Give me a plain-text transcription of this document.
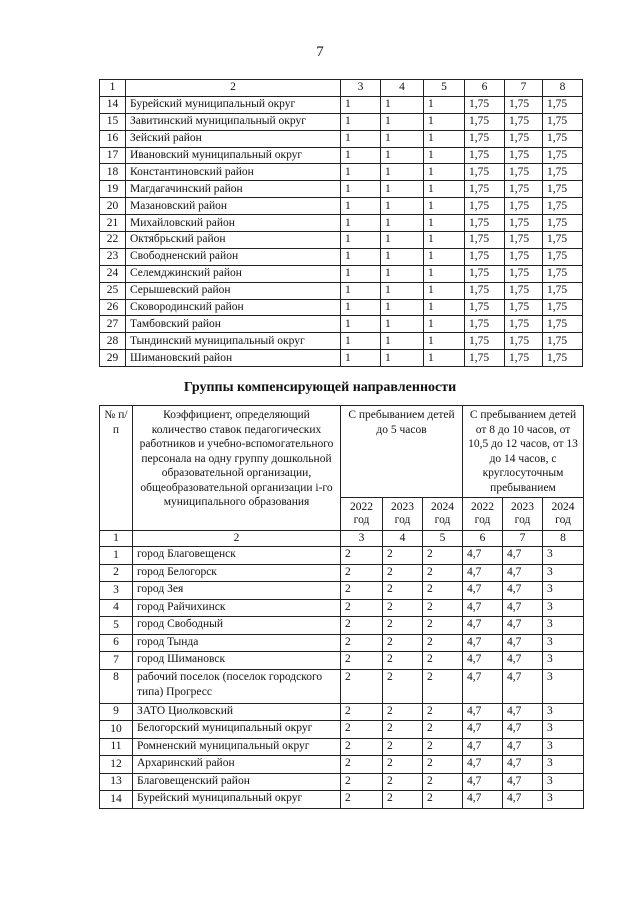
7
1	2	3	4	5	6	7	8
14	Бурейский муниципальный округ	1	1	1	1,75	1,75	1,75
15	Завитинский муниципальный округ	1	1	1	1,75	1,75	1,75
16	Зейский район	1	1	1	1,75	1,75	1,75
17	Ивановский муниципальный округ	1	1	1	1,75	1,75	1,75
18	Константиновский район	1	1	1	1,75	1,75	1,75
19	Магдагачинский район	1	1	1	1,75	1,75	1,75
20	Мазановский район	1	1	1	1,75	1,75	1,75
21	Михайловский район	1	1	1	1,75	1,75	1,75
22	Октябрьский район	1	1	1	1,75	1,75	1,75
23	Свободненский район	1	1	1	1,75	1,75	1,75
24	Селемджинский район	1	1	1	1,75	1,75	1,75
25	Серышевский район	1	1	1	1,75	1,75	1,75
26	Сковородинский район	1	1	1	1,75	1,75	1,75
27	Тамбовский район	1	1	1	1,75	1,75	1,75
28	Тындинский муниципальный округ	1	1	1	1,75	1,75	1,75
29	Шимановский район	1	1	1	1,75	1,75	1,75
Группы компенсирующей направленности
№ п/п	Коэффициент, определяющий количество ставок педагогических работников и учебно-вспомогательного персонала на одну группу дошкольной образовательной организации, общеобразовательной организации i-го муниципального образования	С пребыванием детей до 5 часов			С пребыванием детей от 8 до 10 часов, от 10,5 до 12 часов, от 13 до 14 часов, с круглосуточным пребыванием		
		2022 год	2023 год	2024 год	2022 год	2023 год	2024 год
1	2	3	4	5	6	7	8
1	город Благовещенск	2	2	2	4,7	4,7	3
2	город Белогорск	2	2	2	4,7	4,7	3
3	город Зея	2	2	2	4,7	4,7	3
4	город Райчихинск	2	2	2	4,7	4,7	3
5	город Свободный	2	2	2	4,7	4,7	3
6	город Тында	2	2	2	4,7	4,7	3
7	город Шимановск	2	2	2	4,7	4,7	3
8	рабочий поселок (поселок городского типа) Прогресс	2	2	2	4,7	4,7	3
9	ЗАТО Циолковский	2	2	2	4,7	4,7	3
10	Белогорский муниципальный округ	2	2	2	4,7	4,7	3
11	Ромненский муниципальный округ	2	2	2	4,7	4,7	3
12	Архаринский район	2	2	2	4,7	4,7	3
13	Благовещенский район	2	2	2	4,7	4,7	3
14	Бурейский муниципальный округ	2	2	2	4,7	4,7	3
